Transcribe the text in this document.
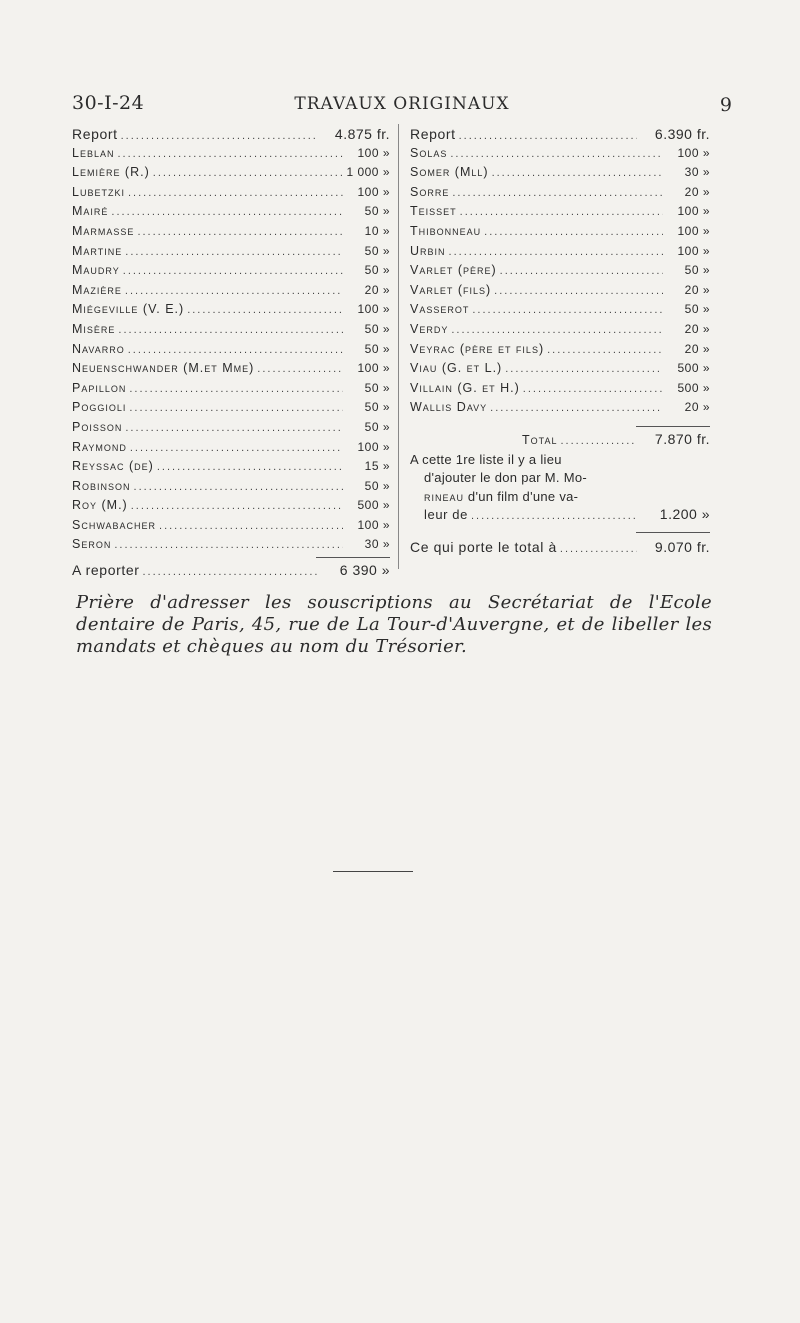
30-I-24	TRAVAUX ORIGINAUX	9
Report .....	4.875 fr.
Leblan .....	100 »
Lemière (R.) .....	1 000 »
Lubetzki .....	100 »
Mairé .....	50 »
Marmasse .....	10 »
Martine .....	50 »
Maudry .....	50 »
Mazière .....	20 »
Miégeville (V. E.) .....	100 »
Misère .....	50 »
Navarro .....	50 »
Neuenschwander (M.et Mme) .....	100 »
Papillon .....	50 »
Poggioli .....	50 »
Poisson .....	50 »
Raymond .....	100 »
Reyssac (de) .....	15 »
Robinson .....	50 »
Roy (M.) .....	500 »
Schwabacher .....	100 »
Seron .....	30 »
A reporter .....	6 390 »
Report .....	6.390 fr.
Solas .....	100 »
Somer (Mll) .....	30 »
Sorre .....	20 »
Teisset .....	100 »
Thibonneau .....	100 »
Urbin .....	100 »
Varlet (père) .....	50 »
Varlet (fils) .....	20 »
Vasserot .....	50 »
Verdy .....	20 »
Veyrac (père et fils) .....	20 »
Viau (G. et L.) .....	500 »
Villain (G. et H.) .....	500 »
Wallis Davy .....	20 »
Total .....	7.870 fr.
A cette 1re liste il y a lieu
d'ajouter le don par M. Mo-
rineau d'un film d'une va-
leur de .....	1.200 »
Ce qui porte le total à .....	9.070 fr.
Prière d'adresser les souscriptions au Secrétariat de l'Ecole dentaire de Paris, 45, rue de La Tour-d'Auvergne, et de libeller les mandats et chèques au nom du Trésorier.
